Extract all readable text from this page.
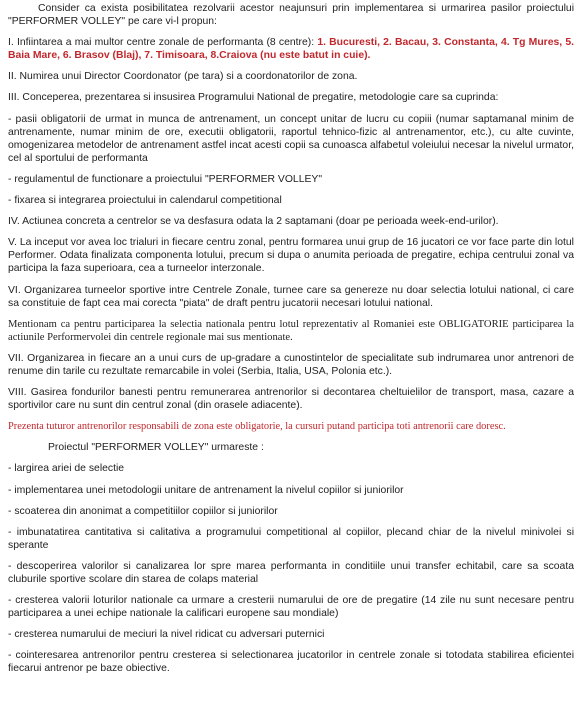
Consider ca exista posibilitatea rezolvarii acestor neajunsuri prin implementarea si urmarirea pasilor proiectului "PERFORMER VOLLEY" pe care vi-l propun:

I. Infiintarea a mai multor centre zonale de performanta (8 centre): 1. Bucuresti, 2. Bacau, 3. Constanta, 4. Tg Mures, 5. Baia Mare, 6. Brasov (Blaj), 7. Timisoara, 8.Craiova (nu este batut in cuie).

II. Numirea unui Director Coordonator (pe tara) si a coordonatorilor de zona.

III. Conceperea, prezentarea si insusirea Programului National de pregatire, metodologie care sa cuprinda:

- pasii obligatorii de urmat in munca de antrenament, un concept unitar de lucru cu copiii (numar saptamanal minim de antrenamente, numar minim de ore, executii obligatorii, raportul tehnico-fizic al antrenamentor, etc.), cu alte cuvinte, omogenizarea metodelor de antrenament astfel incat acesti copii sa cunoasca alfabetul voleiului necesar la nivelul urmator, cel al sportului de performanta

- regulamentul de functionare a proiectului "PERFORMER VOLLEY"

- fixarea si integrarea proiectului in calendarul competitional

IV. Actiunea concreta a centrelor se va desfasura odata la 2 saptamani (doar pe perioada week-end-urilor).

V. La inceput vor avea loc trialuri in fiecare centru zonal, pentru formarea unui grup de 16 jucatori ce vor face parte din lotul Performer. Odata finalizata componenta lotului, precum si dupa o anumita perioada de pregatire, echipa centrului zonal va participa la faza superioara, cea a turneelor interzonale.

VI. Organizarea turneelor sportive intre Centrele Zonale, turnee care sa genereze nu doar selectia lotului national, ci care sa constituie de fapt cea mai corecta "piata" de draft pentru jucatorii necesari lotului national.

Mentionam ca pentru participarea la selectia nationala pentru lotul reprezentativ al Romaniei este OBLIGATORIE participarea la actiunile Performervolei din centrele regionale mai sus mentionate.

VII. Organizarea in fiecare an a unui curs de up-gradare a cunostintelor de specialitate sub indrumarea unor antrenori de renume din tarile cu rezultate remarcabile in volei (Serbia, Italia, USA, Polonia etc.).

VIII. Gasirea fondurilor banesti pentru remunerarea antrenorilor si decontarea cheltuielilor de transport, masa, cazare a sportivilor care nu sunt din centrul zonal (din orasele adiacente).

Prezenta tuturor antrenorilor responsabili de zona este obligatorie, la cursuri putand participa toti antrenorii care doresc.

Proiectul "PERFORMER VOLLEY" urmareste :

- largirea ariei de selectie

- implementarea unei metodologii unitare de antrenament la nivelul copiilor si juniorilor

- scoaterea din anonimat a competitiilor copiilor si juniorilor

- imbunatatirea cantitativa si calitativa a programului competitional al copiilor, plecand chiar de la nivelul minivolei si sperante

- descoperirea valorilor si canalizarea lor spre marea performanta in conditiile unui transfer echitabil, care sa scoata cluburile sportive scolare din starea de colaps material

- cresterea valorii loturilor nationale ca urmare a cresterii numarului de ore de pregatire (14 zile nu sunt necesare pentru participarea a unei echipe nationale la calificari europene sau mondiale)

- cresterea numarului de meciuri la nivel ridicat cu adversari puternici

- cointeresarea antrenorilor pentru cresterea si selectionarea jucatorilor in centrele zonale si totodata stabilirea eficientei fiecarui antrenor pe baze obiective.
